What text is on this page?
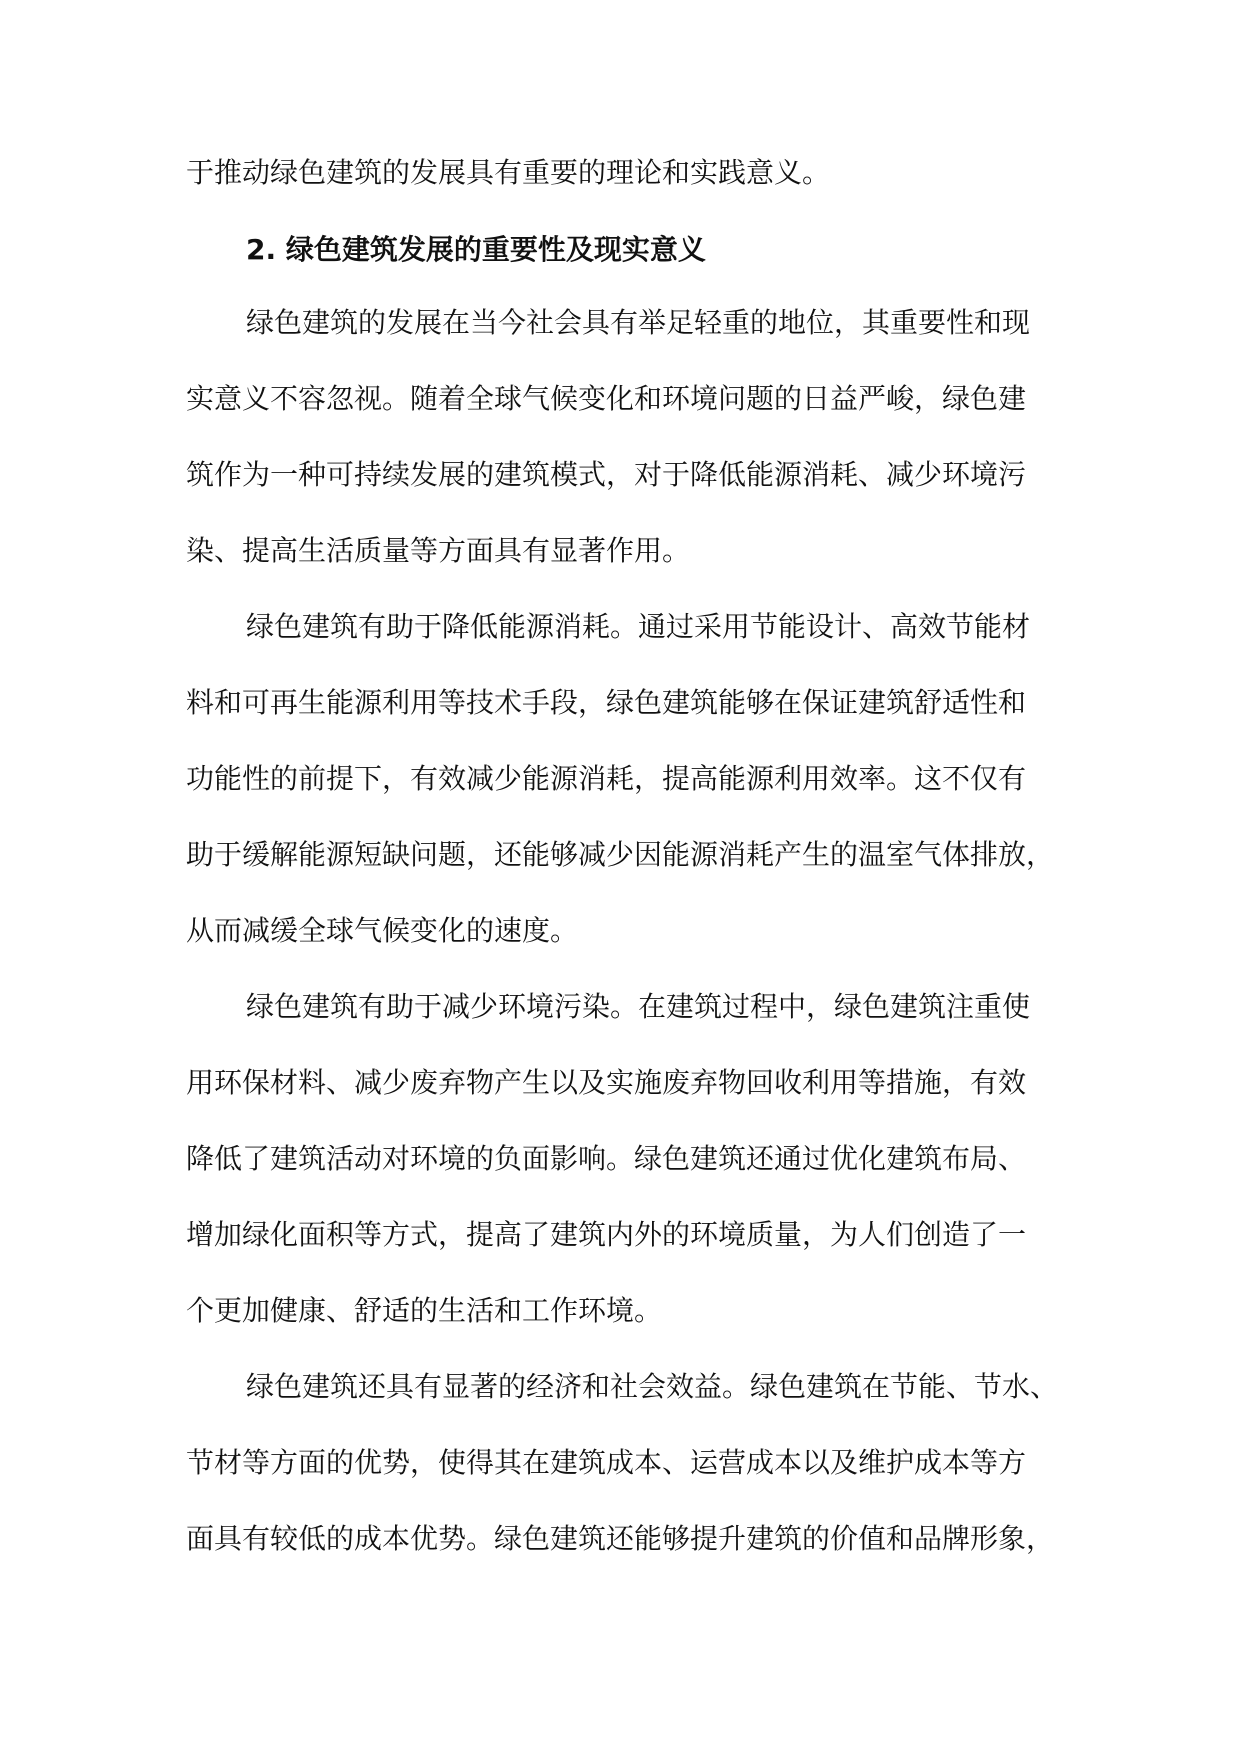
于推动绿色建筑的发展具有重要的理论和实践意义。
2. 绿色建筑发展的重要性及现实意义
绿色建筑的发展在当今社会具有举足轻重的地位，其重要性和现
实意义不容忽视。随着全球气候变化和环境问题的日益严峻，绿色建
筑作为一种可持续发展的建筑模式，对于降低能源消耗、减少环境污
染、提高生活质量等方面具有显著作用。
绿色建筑有助于降低能源消耗。通过采用节能设计、高效节能材
料和可再生能源利用等技术手段，绿色建筑能够在保证建筑舒适性和
功能性的前提下，有效减少能源消耗，提高能源利用效率。这不仅有
助于缓解能源短缺问题，还能够减少因能源消耗产生的温室气体排放，
从而减缓全球气候变化的速度。
绿色建筑有助于减少环境污染。在建筑过程中，绿色建筑注重使
用环保材料、减少废弃物产生以及实施废弃物回收利用等措施，有效
降低了建筑活动对环境的负面影响。绿色建筑还通过优化建筑布局、
增加绿化面积等方式，提高了建筑内外的环境质量，为人们创造了一
个更加健康、舒适的生活和工作环境。
绿色建筑还具有显著的经济和社会效益。绿色建筑在节能、节水、
节材等方面的优势，使得其在建筑成本、运营成本以及维护成本等方
面具有较低的成本优势。绿色建筑还能够提升建筑的价值和品牌形象，
